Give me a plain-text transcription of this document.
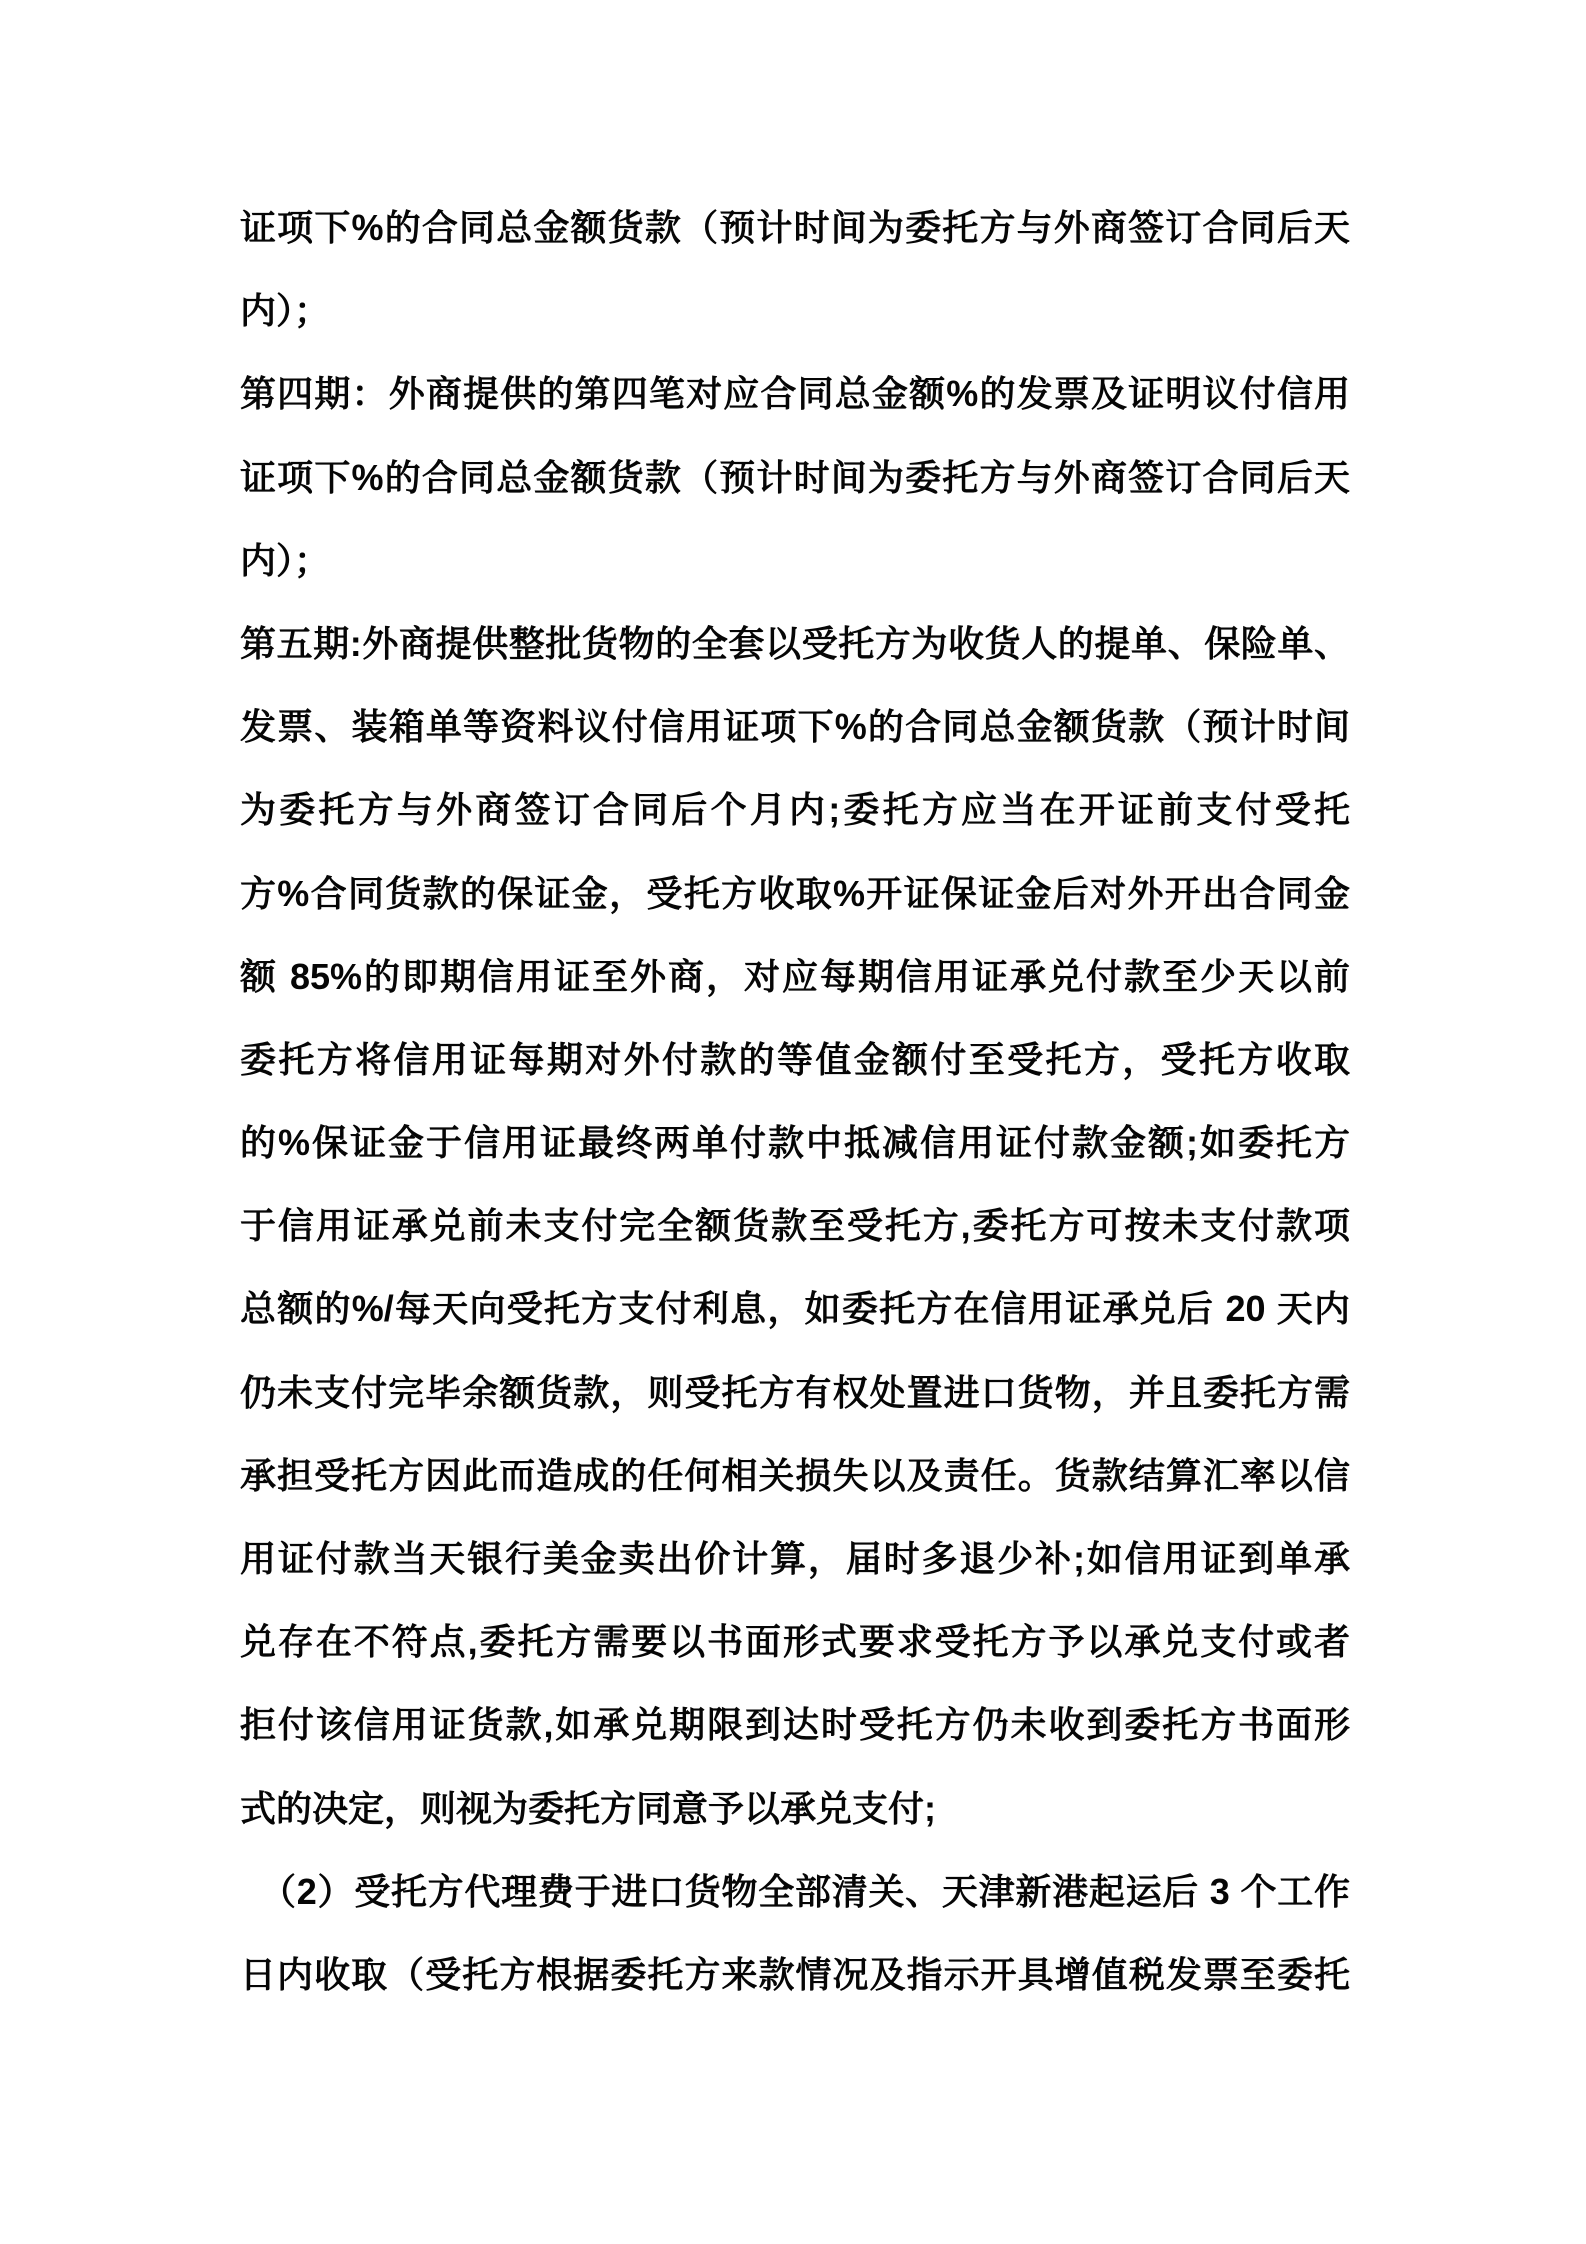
证项下%的合同总金额货款（预计时间为委托方与外商签订合同后天
内）；
第四期：外商提供的第四笔对应合同总金额%的发票及证明议付信用
证项下%的合同总金额货款（预计时间为委托方与外商签订合同后天
内）；
第五期:外商提供整批货物的全套以受托方为收货人的提单、保险单、
发票、装箱单等资料议付信用证项下%的合同总金额货款（预计时间
为委托方与外商签订合同后个月内;委托方应当在开证前支付受托
方%合同货款的保证金，受托方收取%开证保证金后对外开出合同金
额 85%的即期信用证至外商，对应每期信用证承兑付款至少天以前
委托方将信用证每期对外付款的等值金额付至受托方，受托方收取
的%保证金于信用证最终两单付款中抵减信用证付款金额;如委托方
于信用证承兑前未支付完全额货款至受托方,委托方可按未支付款项
总额的%/每天向受托方支付利息，如委托方在信用证承兑后 20 天内
仍未支付完毕余额货款，则受托方有权处置进口货物，并且委托方需
承担受托方因此而造成的任何相关损失以及责任。货款结算汇率以信
用证付款当天银行美金卖出价计算，届时多退少补;如信用证到单承
兑存在不符点,委托方需要以书面形式要求受托方予以承兑支付或者
拒付该信用证货款,如承兑期限到达时受托方仍未收到委托方书面形
式的决定，则视为委托方同意予以承兑支付;
（2）受托方代理费于进口货物全部清关、天津新港起运后 3 个工作
日内收取（受托方根据委托方来款情况及指示开具增值税发票至委托
